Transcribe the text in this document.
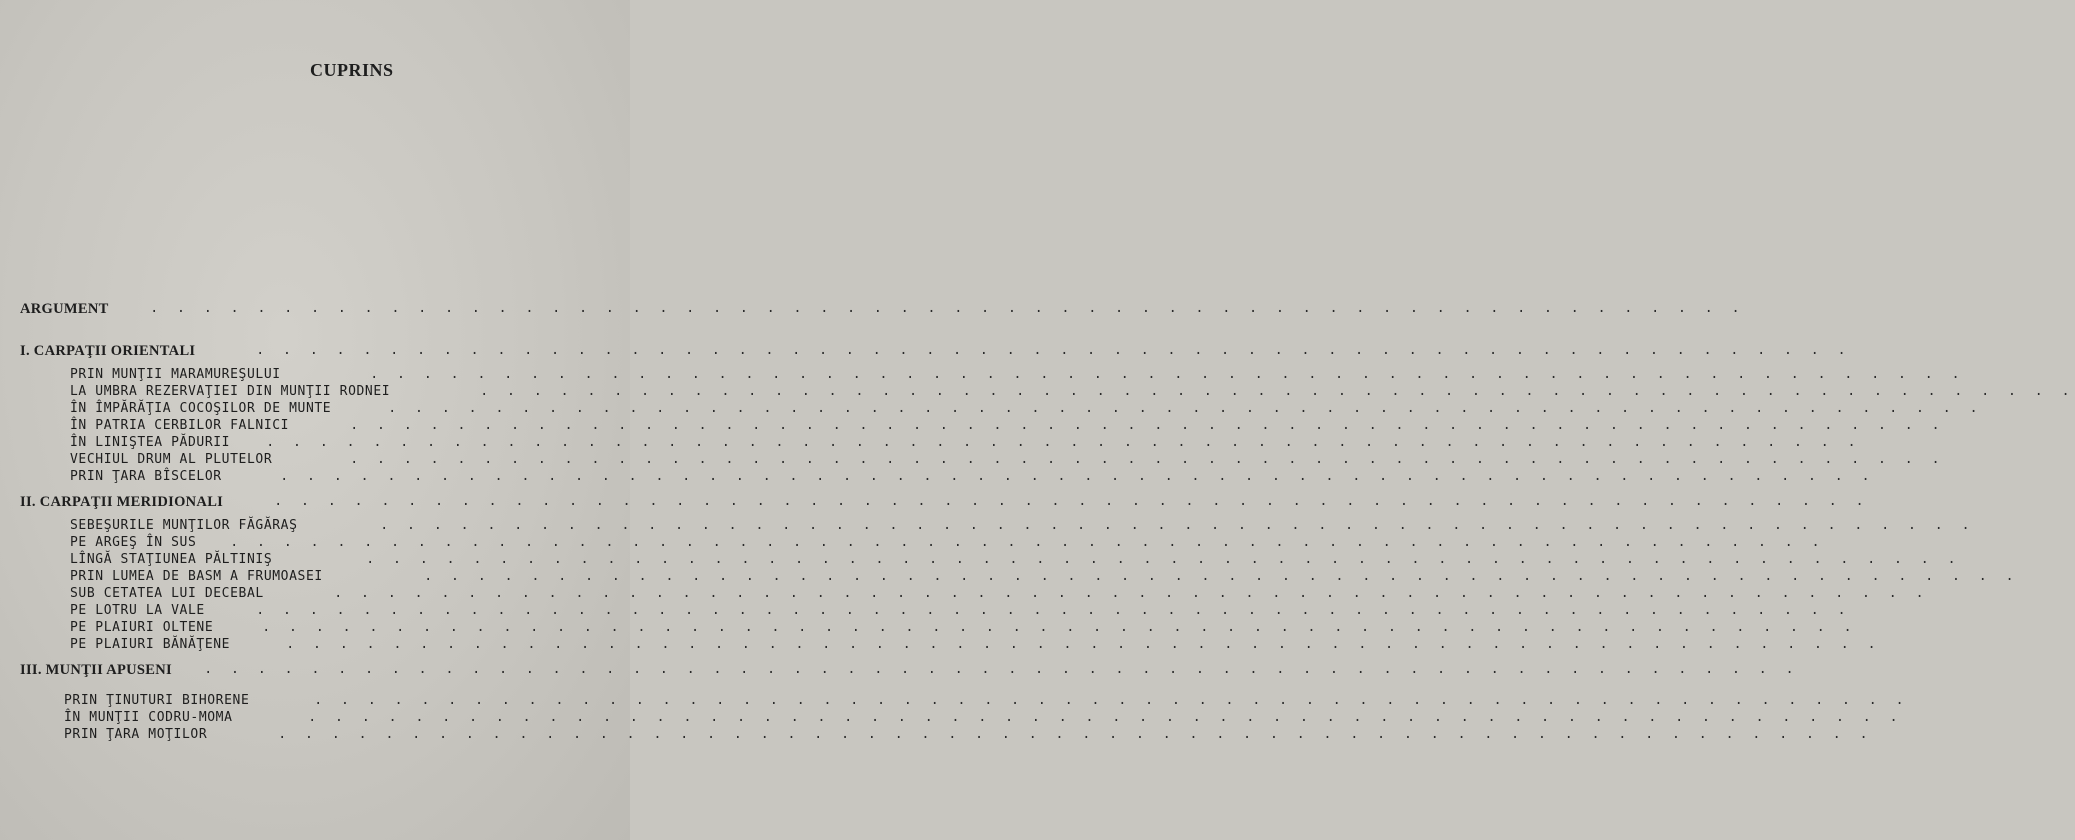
CUPRINS
ARGUMENT	. . . . . . . . . . . . . . . . . . . . . . . . . . . . . . . . . . . . . . . . . . . . . . . . . . . . . . . . . . . .
I. CARPAŢII ORIENTALI	. . . . . . . . . . . . . . . . . . . . . . . . . . . . . . . . . . . . . . . . . . . . . . . . . . . . . . . . . . . .
PRIN MUNŢII MARAMUREŞULUI	. . . . . . . . . . . . . . . . . . . . . . . . . . . . . . . . . . . . . . . . . . . . . . . . . . . . . . . . . . . .
LA UMBRA REZERVAŢIEI DIN MUNŢII RODNEI	. . . . . . . . . . . . . . . . . . . . . . . . . . . . . . . . . . . . . . . . . . . . . . . . . . . . . . . . . . . .
ÎN ÎMPĂRĂŢIA COCOŞILOR DE MUNTE	. . . . . . . . . . . . . . . . . . . . . . . . . . . . . . . . . . . . . . . . . . . . . . . . . . . . . . . . . . . .
ÎN PATRIA CERBILOR FALNICI	. . . . . . . . . . . . . . . . . . . . . . . . . . . . . . . . . . . . . . . . . . . . . . . . . . . . . . . . . . . .
ÎN LINIŞTEA PĂDURII	. . . . . . . . . . . . . . . . . . . . . . . . . . . . . . . . . . . . . . . . . . . . . . . . . . . . . . . . . . . .
VECHIUL DRUM AL PLUTELOR	. . . . . . . . . . . . . . . . . . . . . . . . . . . . . . . . . . . . . . . . . . . . . . . . . . . . . . . . . . . .
PRIN ŢARA BÎSCELOR	. . . . . . . . . . . . . . . . . . . . . . . . . . . . . . . . . . . . . . . . . . . . . . . . . . . . . . . . . . . .
II. CARPAŢII MERIDIONALI	. . . . . . . . . . . . . . . . . . . . . . . . . . . . . . . . . . . . . . . . . . . . . . . . . . . . . . . . . . . .
SEBEŞURILE MUNŢILOR FĂGĂRAŞ	. . . . . . . . . . . . . . . . . . . . . . . . . . . . . . . . . . . . . . . . . . . . . . . . . . . . . . . . . . . .
PE ARGEŞ ÎN SUS . . . . . . . . . . . . . . . . . . . . . . . . . . . . . . . . . . . . . . . . . . . . . . . . . . . . . . . . . . . .
LÎNGĂ STAŢIUNEA PĂLTINIŞ	. . . . . . . . . . . . . . . . . . . . . . . . . . . . . . . . . . . . . . . . . . . . . . . . . . . . . . . . . . . .
PRIN LUMEA DE BASM A FRUMOASEI	. . . . . . . . . . . . . . . . . . . . . . . . . . . . . . . . . . . . . . . . . . . . . . . . . . . . . . . . . . . .
SUB CETATEA LUI DECEBAL	. . . . . . . . . . . . . . . . . . . . . . . . . . . . . . . . . . . . . . . . . . . . . . . . . . . . . . . . . . . .
PE LOTRU LA VALE	. . . . . . . . . . . . . . . . . . . . . . . . . . . . . . . . . . . . . . . . . . . . . . . . . . . . . . . . . . . .
PE PLAIURI OLTENE	. . . . . . . . . . . . . . . . . . . . . . . . . . . . . . . . . . . . . . . . . . . . . . . . . . . . . . . . . . . .
PE PLAIURI BĂNĂŢENE	. . . . . . . . . . . . . . . . . . . . . . . . . . . . . . . . . . . . . . . . . . . . . . . . . . . . . . . . . . . .
III. MUNŢII APUSENI . . . . . . . . . . . . . . . . . . . . . . . . . . . . . . . . . . . . . . . . . . . . . . . . . . . . . . . . . . . .
PRIN ŢINUTURI BIHORENE	. . . . . . . . . . . . . . . . . . . . . . . . . . . . . . . . . . . . . . . . . . . . . . . . . . . . . . . . . . . .
ÎN MUNŢII CODRU-MOMA	. . . . . . . . . . . . . . . . . . . . . . . . . . . . . . . . . . . . . . . . . . . . . . . . . . . . . . . . . . . .
PRIN ŢARA MOŢILOR	. . . . . . . . . . . . . . . . . . . . . . . . . . . . . . . . . . . . . . . . . . . . . . . . . . . . . . . . . . . .
